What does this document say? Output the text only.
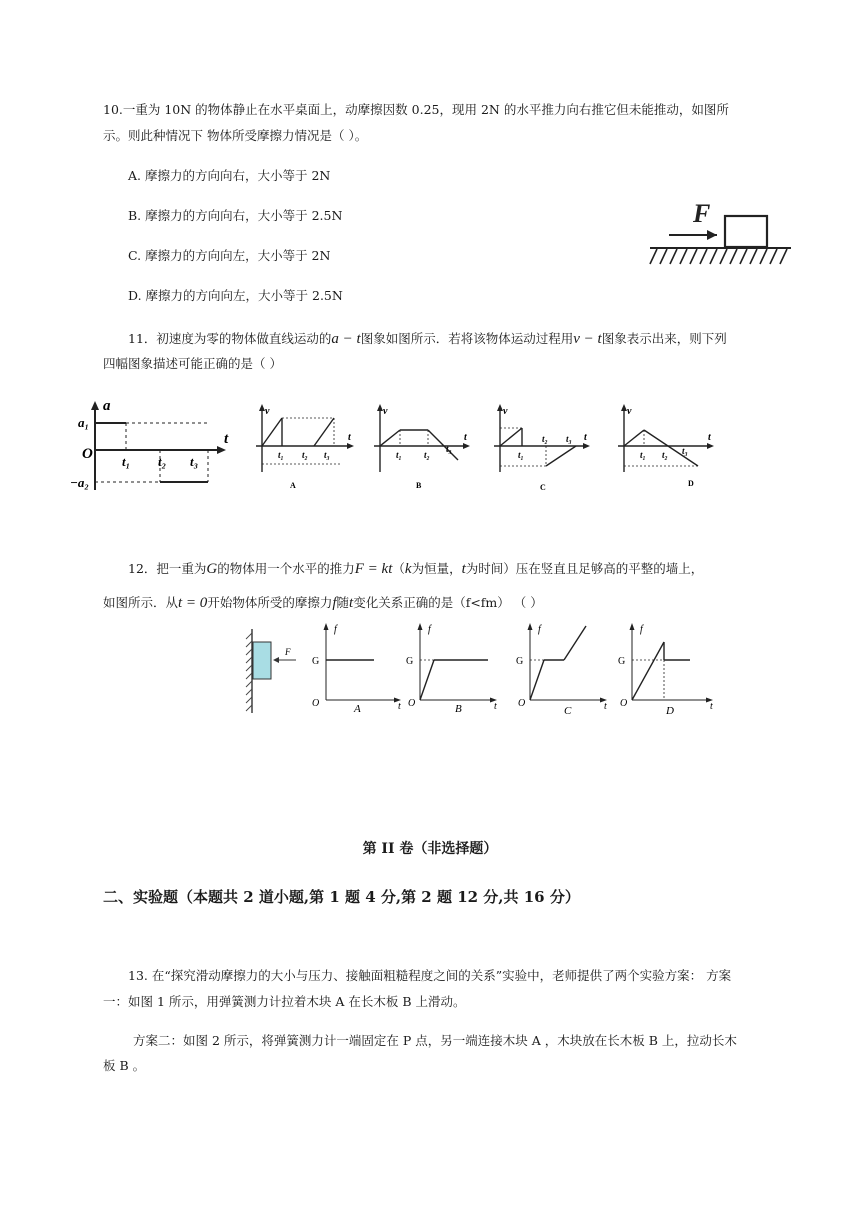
10.一重为 10N 的物体静止在水平桌面上，动摩擦因数 0.25，现用 2N 的水平推力向右推它但未能推动，如图所
示。则此种情况下 物体所受摩擦力情况是（ ）。
A. 摩擦力的方向向右，大小等于 2N
B. 摩擦力的方向向右，大小等于 2.5N
C. 摩擦力的方向向左，大小等于 2N
D. 摩擦力的方向向左，大小等于 2.5N
F
11．初速度为零的物体做直线运动的a − t图象如图所示．若将该物体运动过程用v − t图象表示出来，则下列
四幅图象描述可能正确的是（ ）
a
t
O
a₁
−a₂
t₁ t₂ t₃
v
t
t₁ t₂ t₃
A
v
t
t₁ t₂
t₃
B
v
t
t₂ t₃
t₁
C
v
t
t₁ t₂ t₃
D
12．把一重为G的物体用一个水平的推力F = kt（k为恒量，t为时间）压在竖直且足够高的平整的墙上，
如图所示．从t = 0开始物体所受的摩擦力f随t变化关系正确的是（f<fm） （ ）
F
f
G
O	t
A
f
G
O	t
B
f
G
O	t
C
f
G
O	t
D
第 II 卷（非选择题）
二、实验题（本题共 2 道小题,第 1 题 4 分,第 2 题 12 分,共 16 分）
13. 在“探究滑动摩擦力的大小与压力、接触面粗糙程度之间的关系”实验中，老师提供了两个实验方案： 方案
一：如图 1 所示，用弹簧测力计拉着木块 A 在长木板 B 上滑动。
方案二：如图 2 所示，将弹簧测力计一端固定在 P 点，另一端连接木块 A ，木块放在长木板 B 上，拉动长木
板 B 。
